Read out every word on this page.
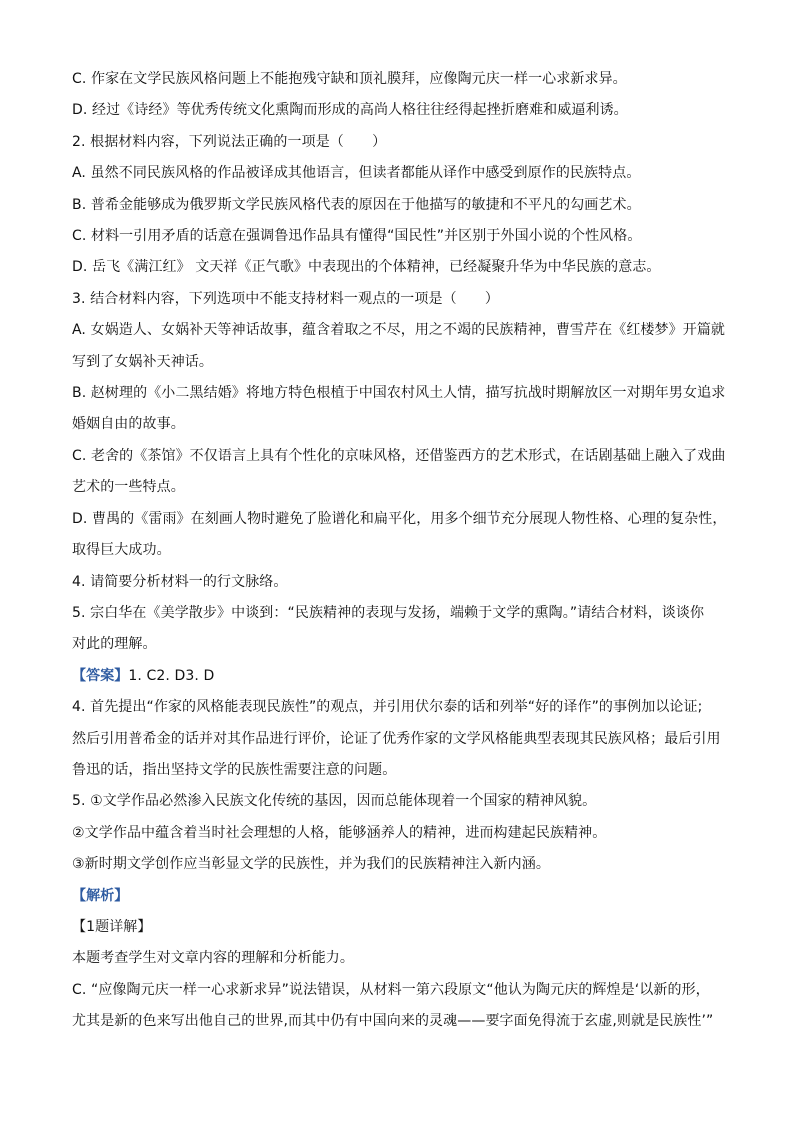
C. 作家在文学民族风格问题上不能抱残守缺和顶礼膜拜，应像陶元庆一样一心求新求异。
D. 经过《诗经》等优秀传统文化熏陶而形成的高尚人格往往经得起挫折磨难和威逼利诱。
2. 根据材料内容，下列说法正确的一项是（　　）
A. 虽然不同民族风格的作品被译成其他语言，但读者都能从译作中感受到原作的民族特点。
B. 普希金能够成为俄罗斯文学民族风格代表的原因在于他描写的敏捷和不平凡的勾画艺术。
C. 材料一引用矛盾的话意在强调鲁迅作品具有懂得“国民性”并区别于外国小说的个性风格。
D. 岳飞《满江红》 文天祥《正气歌》中表现出的个体精神，已经凝聚升华为中华民族的意志。
3. 结合材料内容，下列选项中不能支持材料一观点的一项是（　　）
A. 女娲造人、女娲补天等神话故事，蕴含着取之不尽，用之不竭的民族精神，曹雪芹在《红楼梦》开篇就
写到了女娲补天神话。
B. 赵树理的《小二黑结婚》将地方特色根植于中国农村风土人情，描写抗战时期解放区一对期年男女追求
婚姻自由的故事。
C. 老舍的《茶馆》不仅语言上具有个性化的京味风格，还借鉴西方的艺术形式，在话剧基础上融入了戏曲
艺术的一些特点。
D. 曹禺的《雷雨》在刻画人物时避免了脸谱化和扁平化，用多个细节充分展现人物性格、心理的复杂性，
取得巨大成功。
4. 请简要分析材料一的行文脉络。
5. 宗白华在《美学散步》中谈到：“民族精神的表现与发扬，端赖于文学的熏陶。”请结合材料，谈谈你
对此的理解。
【答案】1. C2. D3. D
4. 首先提出“作家的风格能表现民族性”的观点，并引用伏尔泰的话和列举“好的译作”的事例加以论证;
然后引用普希金的话并对其作品进行评价，论证了优秀作家的文学风格能典型表现其民族风格；最后引用
鲁迅的话，指出坚持文学的民族性需要注意的问题。
5. ①文学作品必然渗入民族文化传统的基因，因而总能体现着一个国家的精神风貌。
②文学作品中蕴含着当时社会理想的人格，能够涵养人的精神，进而构建起民族精神。
③新时期文学创作应当彰显文学的民族性，并为我们的民族精神注入新内涵。
【解析】
【1题详解】
本题考查学生对文章内容的理解和分析能力。
C. “应像陶元庆一样一心求新求异”说法错误，从材料一第六段原文“他认为陶元庆的辉煌是‘以新的形，
尤其是新的色来写出他自己的世界,而其中仍有中国向来的灵魂——要字面免得流于玄虚,则就是民族性’”
